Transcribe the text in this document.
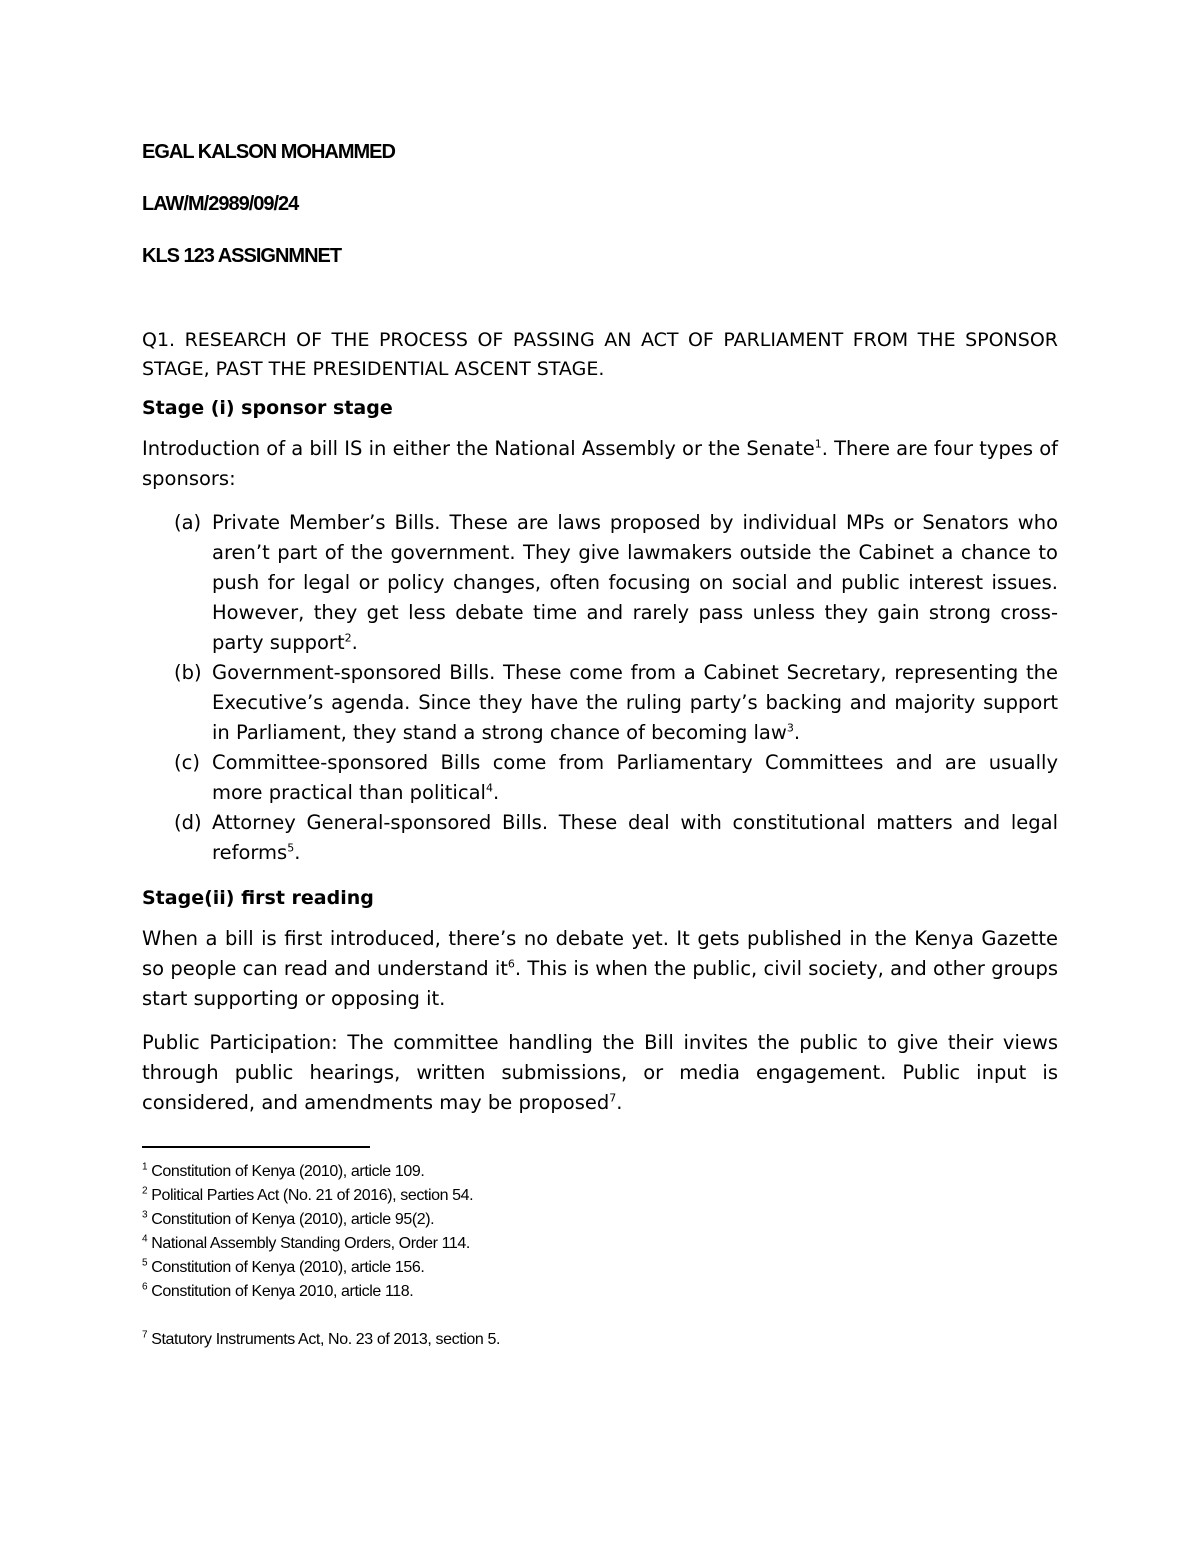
EGAL KALSON MOHAMMED
LAW/M/2989/09/24
KLS 123 ASSIGNMNET
Q1. RESEARCH OF THE PROCESS OF PASSING AN ACT OF PARLIAMENT FROM THE SPONSOR STAGE, PAST THE PRESIDENTIAL ASCENT STAGE.
Stage (i) sponsor stage
Introduction of a bill IS in either the National Assembly or the Senate$^1$. There are four types of sponsors:
(a) Private Member’s Bills. These are laws proposed by individual MPs or Senators who aren’t part of the government. They give lawmakers outside the Cabinet a chance to push for legal or policy changes, often focusing on social and public interest issues. However, they get less debate time and rarely pass unless they gain strong cross-party support$^2$.
(b) Government-sponsored Bills. These come from a Cabinet Secretary, representing the Executive’s agenda. Since they have the ruling party’s backing and majority support in Parliament, they stand a strong chance of becoming law$^3$.
(c) Committee-sponsored Bills come from Parliamentary Committees and are usually more practical than political$^4$.
(d) Attorney General-sponsored Bills. These deal with constitutional matters and legal reforms$^5$.
Stage(ii) first reading
When a bill is first introduced, there’s no debate yet. It gets published in the Kenya Gazette so people can read and understand $it^6$. This is when the public, civil society, and other groups start supporting or opposing it.
Public Participation: The committee handling the Bill invites the public to give their views through public hearings, written submissions, or media engagement. Public input is considered, and amendments may be proposed$^7$.
$^1$ Constitution of Kenya (2010), article 109.
$^2$ Political Parties Act (No. 21 of 2016), section 54.
$^3$ Constitution of Kenya (2010), article 95(2).
$^4$ National Assembly Standing Orders, Order 114.
$^5$ Constitution of Kenya (2010), article 156.
$^6$ Constitution of Kenya 2010, article 118.
$^7$ Statutory Instruments Act, No. 23 of 2013, section 5.
